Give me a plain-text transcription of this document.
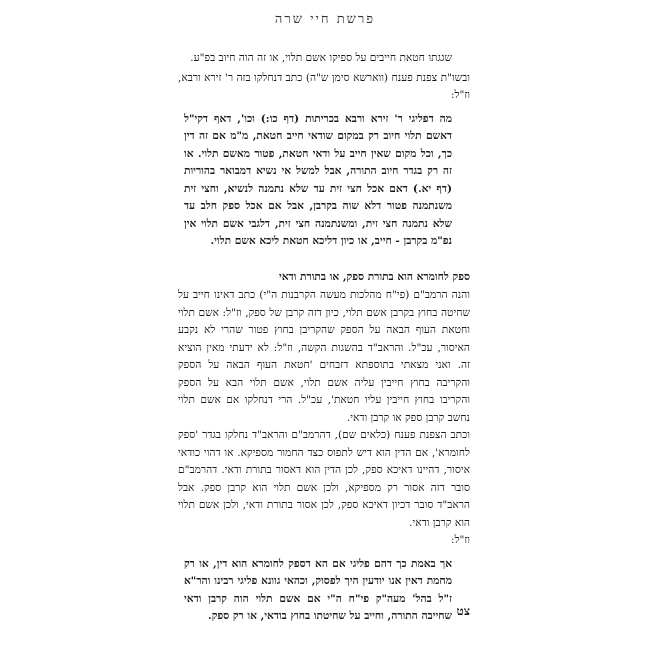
פרשת חיי שרה

שגגתו חטאת חייבים על ספיקו אשם תלוי, או זה הוה חיוב בפ"ע.

ובשו"ת צפנת פענח (ווארשא סימן ש"ה) כתב דנחלקו בזה ר' זירא ורבא, וז"ל:

מה דפליגי ר' זירא ורבא בכריתות (דף כו:) וכו', דאף דקי"ל דאשם תלוי חיוב רק במקום שודאי חייב חטאת, מ"מ אם זה דין כך, וכל מקום שאין חייב על ודאי חטאת, פטור מאשם תלוי. או זה רק בגדר חיוב התורה, אבל למשל אי נשיא דמבואר בהוריות (דף יא.) דאם אכל חצי זית עד שלא נתמנה לנשיא, וחצי זית משנתמנה פטור דלא שוה בקרבן, אבל אם אכל ספק חלב עד שלא נתמנה חצי זית, ומשנתמנה חצי זית, דלגבי אשם תלוי אין נפ"מ בקרבן - חייב, או כיון דליכא חטאת ליכא אשם תלוי.

ספק לחומרא הוא בתורת ספק, או בתורת ודאי

והנה הרמב"ם (פי"ח מהלכות מעשה הקרבנות ה"י) כתב דאינו חייב על שחיטה בחוץ בקרבן אשם תלוי, כיון דזה קרבן של ספק, וז"ל: אשם תלוי וחטאת העוף הבאה על הספק שהקריבן בחוץ פטור שהרי לא נקבע האיסור, עכ"ל. והראב"ד בהשגות הקשה, וז"ל: לא ידעתי מאין הוציא זה. ואני מצאתי בתוספתא דזבחים 'חטאת העוף הבאה על הספק והקריבה בחוץ חייבין עליה אשם תלוי, אשם תלוי הבא על הספק והקריבו בחוץ חייבין עליו חטאת', עכ"ל. הרי דנחלקו אם אשם תלוי נחשב קרבן ספק או קרבן ודאי.

וכתב הצפנת פענח (כלאים שם), דהרמב"ם והראב"ד נחלקו בגדר 'ספק לחומרא', אם הדין הוא דיש לתפוס כצד החמור מספיקא. או דהוי כודאי איסור, דהיינו דאיכא ספק, לכן הדין הוא דאסור בתורת ודאי. דהרמב"ם סובר דזה אסור רק מספיקא, ולכן אשם תלוי הוא קרבן ספק. אבל הראב"ד סובר דכיון דאיכא ספק, לכן אסור בתורת ודאי, ולכן אשם תלוי הוא קרבן ודאי.

וז"ל:

אך באמת כך דהם פליגי אם הא דספק לחומרא הוא דין, או רק מחמת דאין אנו יודעין היך לפסוק, וכהאי גוונא פליגי רבינו והר"א ז"ל בהל' מעה"ק פי"ח ה"י אם אשם תלוי הוה קרבן ודאי שחייבה התורה, וחייב על שחיטתו בחוץ בודאי, או רק ספק. צט
